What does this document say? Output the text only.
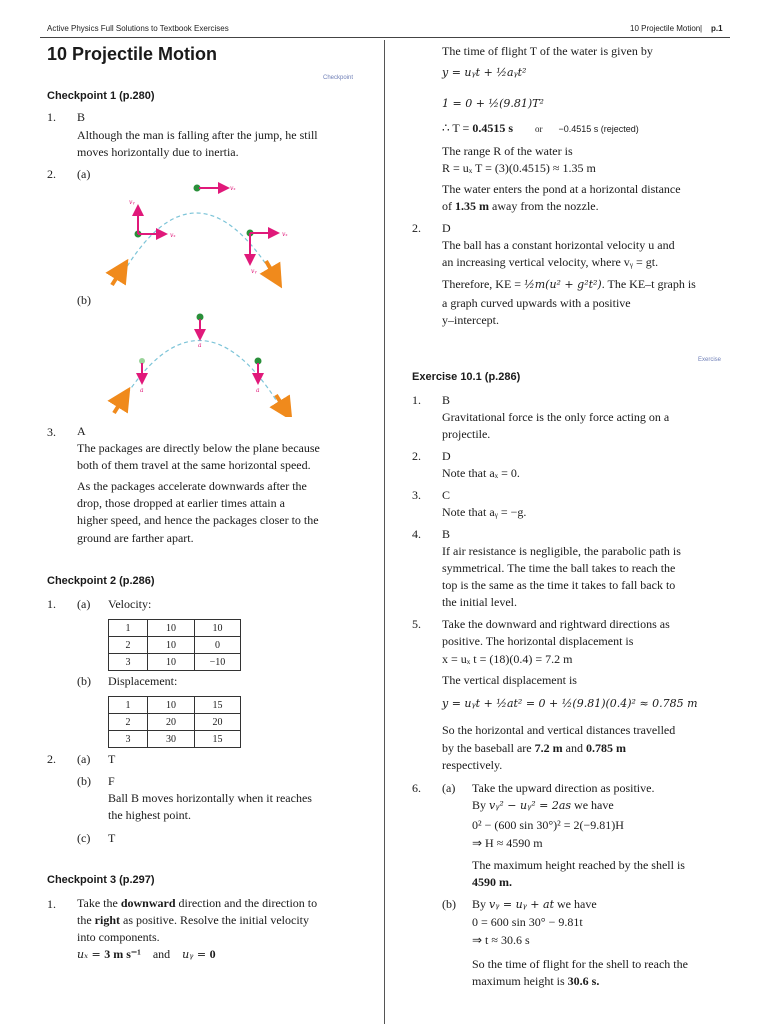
Active Physics Full Solutions to Textbook Exercises	10 Projectile Motion | p.1
10 Projectile Motion
Checkpoint
Checkpoint 1 (p.280)
1. B
Although the man is falling after the jump, he still
moves horizontally due to inertia.
2. (a)
vₓ
vᵧ
vₓ	vₓ
vᵧ
(b)
a
a	a
3. A
The packages are directly below the plane because
both of them travel at the same horizontal speed.
As the packages accelerate downwards after the
drop, those dropped at earlier times attain a
higher speed, and hence the packages closer to the
ground are farther apart.
Checkpoint 2 (p.286)
1. (a) Velocity:
1	10	10
2	10	0
3	10	−10
(b) Displacement:
1	10	15
2	20	20
3	30	15
2. (a) T
(b) F
Ball B moves horizontally when it reaches
the highest point.
(c) T
Checkpoint 3 (p.297)
1. Take the downward direction and the direction to
the right as positive. Resolve the initial velocity
into components.
uₓ = 3 m s⁻¹ and uᵧ = 0
The time of flight T of the water is given by
y = uᵧt + ½aᵧt²
1 = 0 + ½(9.81)T²
∴ T = 0.4515 s or −0.4515 s (rejected)
The range R of the water is
R = uₓ T = (3)(0.4515) ≈ 1.35 m
The water enters the pond at a horizontal distance
of 1.35 m away from the nozzle.
2. D
The ball has a constant horizontal velocity u and
an increasing vertical velocity, where vᵧ = gt.
Therefore, KE = ½m(u² + g²t²). The KE–t graph is
a graph curved upwards with a positive
y–intercept.
Exercise
Exercise 10.1 (p.286)
1. B
Gravitational force is the only force acting on a
projectile.
2. D
Note that aₓ = 0.
3. C
Note that aᵧ = −g.
4. B
If air resistance is negligible, the parabolic path is
symmetrical. The time the ball takes to reach the
top is the same as the time it takes to fall back to
the initial level.
5. Take the downward and rightward directions as
positive. The horizontal displacement is
x = uₓ t = (18)(0.4) = 7.2 m
The vertical displacement is
y = uᵧt + ½at² = 0 + ½(9.81)(0.4)² ≈ 0.785 m
So the horizontal and vertical distances travelled
by the baseball are 7.2 m and 0.785 m
respectively.
6. (a) Take the upward direction as positive.
By vᵧ² − uᵧ² = 2as we have
0² − (600 sin 30°)² = 2(−9.81)H
⇒ H ≈ 4590 m
The maximum height reached by the shell is
4590 m.
(b) By vᵧ = uᵧ + at we have
0 = 600 sin 30° − 9.81t
⇒ t ≈ 30.6 s
So the time of flight for the shell to reach the
maximum height is 30.6 s.
